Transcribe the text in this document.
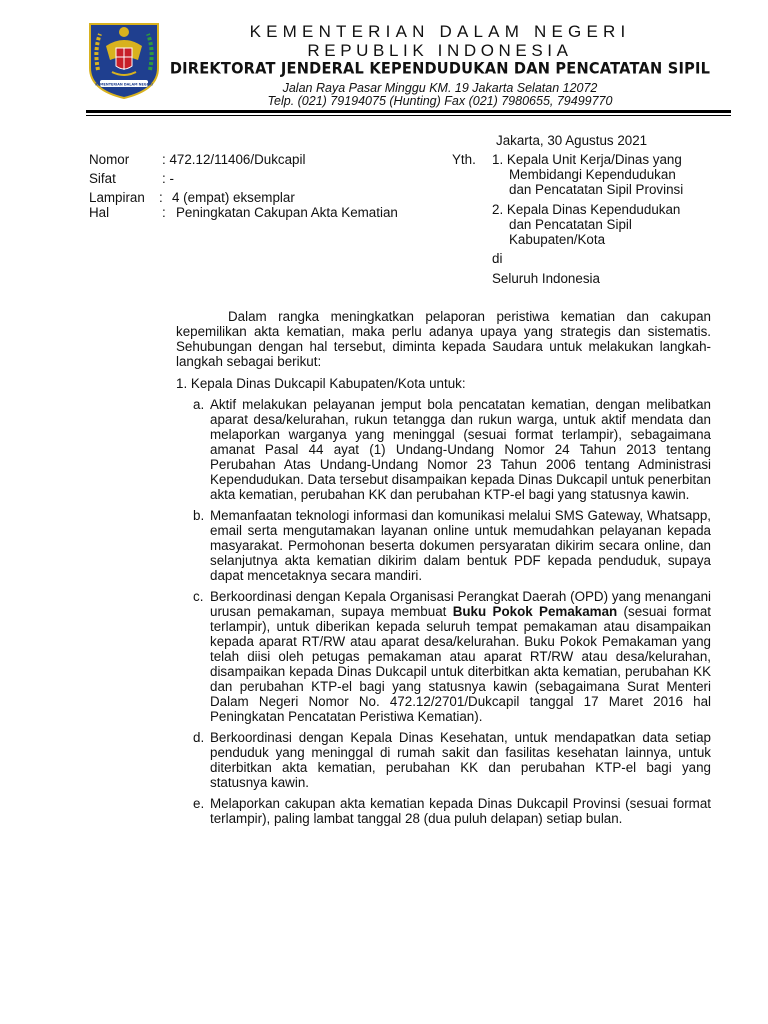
KEMENTERIAN DALAM NEGERI
KEMENTERIAN DALAM NEGERI
REPUBLIK INDONESIA
DIREKTORAT JENDERAL KEPENDUDUKAN DAN PENCATATAN SIPIL
Jalan Raya Pasar Minggu KM. 19 Jakarta Selatan 12072
Telp. (021) 79194075 (Hunting) Fax (021) 7980655, 79499770
Jakarta, 30 Agustus 2021
Nomor : 472.12/11406/Dukcapil
Sifat	: -
Lampiran : 4 (empat) eksemplar
Hal	: Peningkatan Cakupan Akta Kematian
Yth. 1. Kepala Unit Kerja/Dinas yang
Membidangi Kependudukan
dan Pencatatan Sipil Provinsi
2. Kepala Dinas Kependudukan
dan Pencatatan Sipil
Kabupaten/Kota
di
Seluruh Indonesia

Dalam rangka meningkatkan pelaporan peristiwa kematian dan cakupan kepemilikan akta kematian, maka perlu adanya upaya yang strategis dan sistematis. Sehubungan dengan hal tersebut, diminta kepada Saudara untuk melakukan langkah-langkah sebagai berikut:

1. Kepala Dinas Dukcapil Kabupaten/Kota untuk:

a. Aktif melakukan pelayanan jemput bola pencatatan kematian, dengan melibatkan aparat desa/kelurahan, rukun tetangga dan rukun warga, untuk aktif mendata dan melaporkan warganya yang meninggal (sesuai format terlampir), sebagaimana amanat Pasal 44 ayat (1) Undang-Undang Nomor 24 Tahun 2013 tentang Perubahan Atas Undang-Undang Nomor 23 Tahun 2006 tentang Administrasi Kependudukan. Data tersebut disampaikan kepada Dinas Dukcapil untuk penerbitan akta kematian, perubahan KK dan perubahan KTP-el bagi yang statusnya kawin.

b. Memanfaatan teknologi informasi dan komunikasi melalui SMS Gateway, Whatsapp, email serta mengutamakan layanan online untuk memudahkan pelayanan kepada masyarakat. Permohonan beserta dokumen persyaratan dikirim secara online, dan selanjutnya akta kematian dikirim dalam bentuk PDF kepada penduduk, supaya dapat mencetaknya secara mandiri.

c. Berkoordinasi dengan Kepala Organisasi Perangkat Daerah (OPD) yang menangani urusan pemakaman, supaya membuat Buku Pokok Pemakaman (sesuai format terlampir), untuk diberikan kepada seluruh tempat pemakaman atau disampaikan kepada aparat RT/RW atau aparat desa/kelurahan. Buku Pokok Pemakaman yang telah diisi oleh petugas pemakaman atau aparat RT/RW atau desa/kelurahan, disampaikan kepada Dinas Dukcapil untuk diterbitkan akta kematian, perubahan KK dan perubahan KTP-el bagi yang statusnya kawin (sebagaimana Surat Menteri Dalam Negeri Nomor No. 472.12/2701/Dukcapil tanggal 17 Maret 2016 hal Peningkatan Pencatatan Peristiwa Kematian).

d. Berkoordinasi dengan Kepala Dinas Kesehatan, untuk mendapatkan data setiap penduduk yang meninggal di rumah sakit dan fasilitas kesehatan lainnya, untuk diterbitkan akta kematian, perubahan KK dan perubahan KTP-el bagi yang statusnya kawin.

e. Melaporkan cakupan akta kematian kepada Dinas Dukcapil Provinsi (sesuai format terlampir), paling lambat tanggal 28 (dua puluh delapan) setiap bulan.
